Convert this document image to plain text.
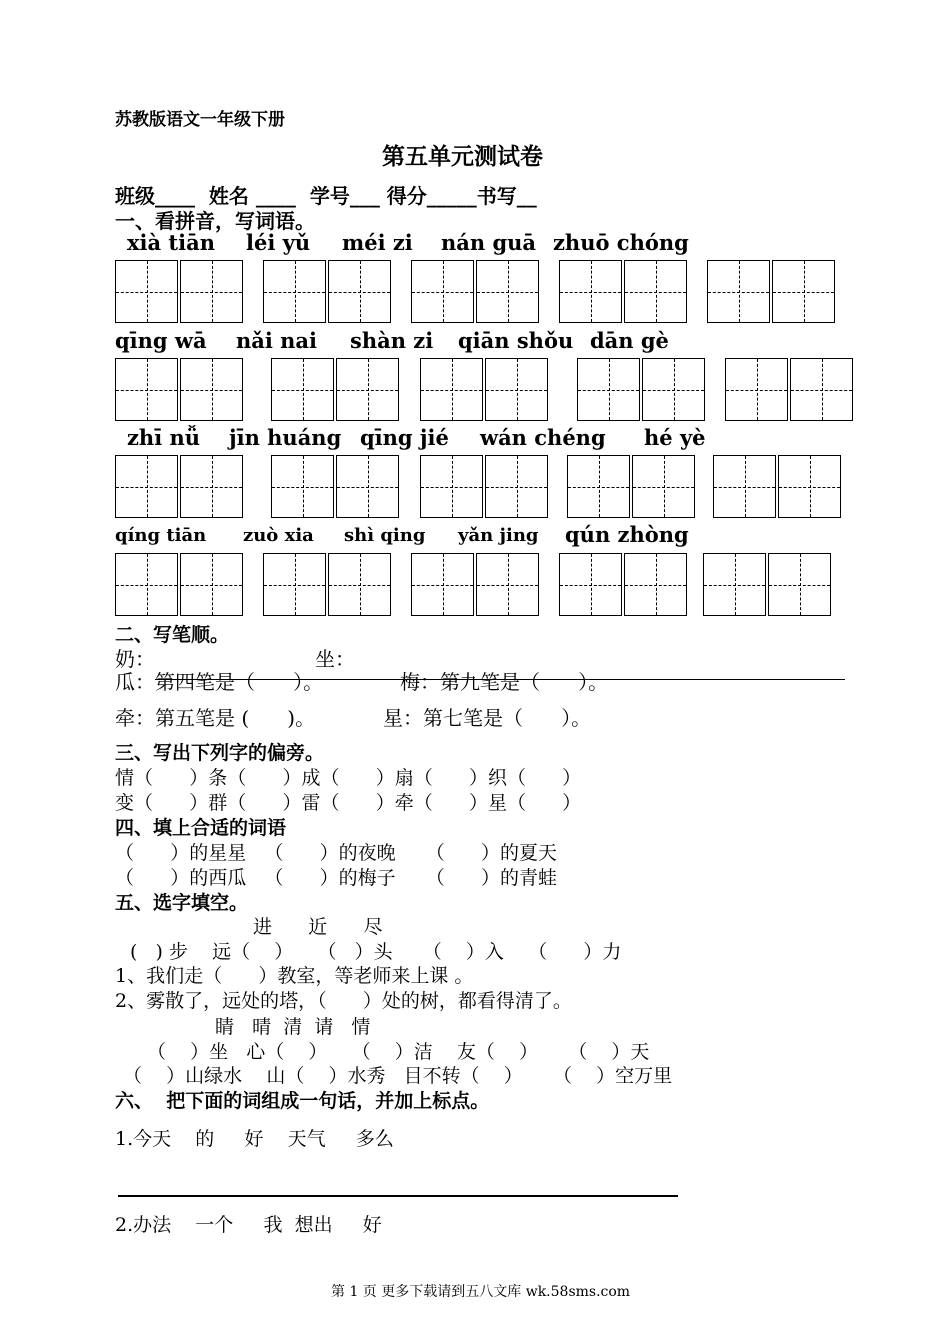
苏教版语文一年级下册
第五单元测试卷
班级____  姓名 ____  学号___ 得分_____书写__
一、看拼音，写词语。
xià tiān léi yǔ méi zi nán guā zhuō chóng
qīng wā nǎi nai shàn zi qiān shǒu dān gè
zhī nǚ jīn huáng qīng jié wán chéng hé yè
qíng tiān zuò xia shì qing yǎn jing qún zhòng
二、写笔顺。
奶：	坐：
瓜：第四笔是（      ）。	梅：第九笔是（      ）。
牵：第五笔是 (      )。	星：第七笔是（      ）。
三、写出下列字的偏旁。
情（      ）条（      ）成（      ）扇（      ）织（      ）
变（      ）群（      ）雷（      ）牵（      ）星（      ）
四、填上合适的词语
（      ）的星星   （      ）的夜晚     （      ）的夏天
（      ）的西瓜   （      ）的梅子     （      ）的青蛙
五、选字填空。
进      近      尽
(   ) 步    远（    ）    （   ）头     （    ）入    （      ）力
1、我们走（      ）教室，等老师来上课 。
2、雾散了，远处的塔，（      ）处的树，都看得清了。
睛   晴  清  请   情
（    ）坐   心（    ）    （    ）洁    友（    ）     （    ）天
（    ）山绿水    山（    ）水秀   目不转（    ）     （    ）空万里
六、  把下面的词组成一句话，并加上标点。
1.今天    的     好    天气     多么
2.办法    一个     我  想出     好
第 1 页 更多下载请到五八文库 wk.58sms.com
